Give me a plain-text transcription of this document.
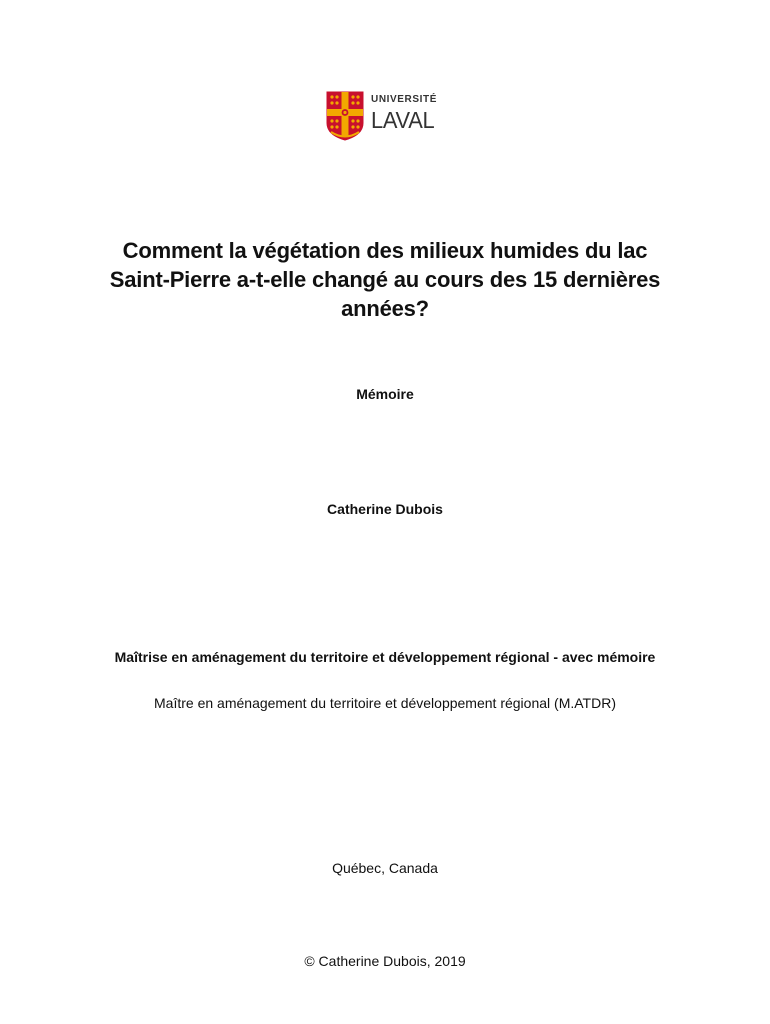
UNIVERSITÉ
LAVAL
Comment la végétation des milieux humides du lac Saint-Pierre a-t-elle changé au cours des 15 dernières années?

Mémoire

Catherine Dubois

Maîtrise en aménagement du territoire et développement régional - avec mémoire

Maître en aménagement du territoire et développement régional (M.ATDR)

Québec, Canada

© Catherine Dubois, 2019
